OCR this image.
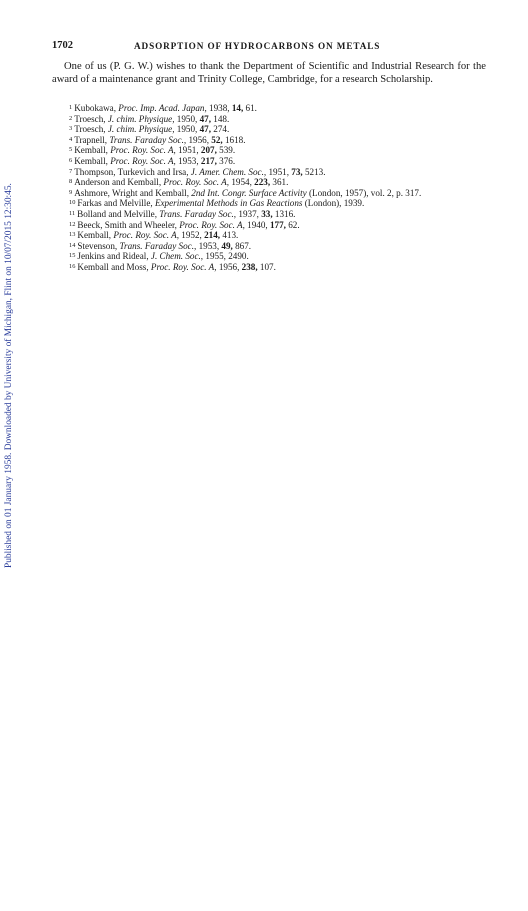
Published on 01 January 1958. Downloaded by University of Michigan, Flint on 10/07/2015 12:30:45.
1702	ADSORPTION OF HYDROCARBONS ON METALS

One of us (P. G. W.) wishes to thank the Department of Scientific and Industrial Research for the award of a maintenance grant and Trinity College, Cambridge, for a research Scholarship.

$^1$ Kubokawa, Proc. Imp. Acad. Japan, 1938, 14, 61.
$^2$ Troesch, J. chim. Physique, 1950, 47, 148.
$^3$ Troesch, J. chim. Physique, 1950, 47, 274.
$^4$ Trapnell, Trans. Faraday Soc., 1956, 52, 1618.
$^5$ Kemball, Proc. Roy. Soc. A, 1951, 207, 539.
$^6$ Kemball, Proc. Roy. Soc. A, 1953, 217, 376.
$^7$ Thompson, Turkevich and Irsa, J. Amer. Chem. Soc., 1951, 73, 5213.
$^8$ Anderson and Kemball, Proc. Roy. Soc. A, 1954, 223, 361.
$^9$ Ashmore, Wright and Kemball, 2nd Int. Congr. Surface Activity (London, 1957), vol. 2, p. 317.
$^{10}$ Farkas and Melville, Experimental Methods in Gas Reactions (London), 1939.
$^{11}$ Bolland and Melville, Trans. Faraday Soc., 1937, 33, 1316.
$^{12}$ Beeck, Smith and Wheeler, Proc. Roy. Soc. A, 1940, 177, 62.
$^{13}$ Kemball, Proc. Roy. Soc. A, 1952, 214, 413.
$^{14}$ Stevenson, Trans. Faraday Soc., 1953, 49, 867.
$^{15}$ Jenkins and Rideal, J. Chem. Soc., 1955, 2490.
$^{16}$ Kemball and Moss, Proc. Roy. Soc. A, 1956, 238, 107.
